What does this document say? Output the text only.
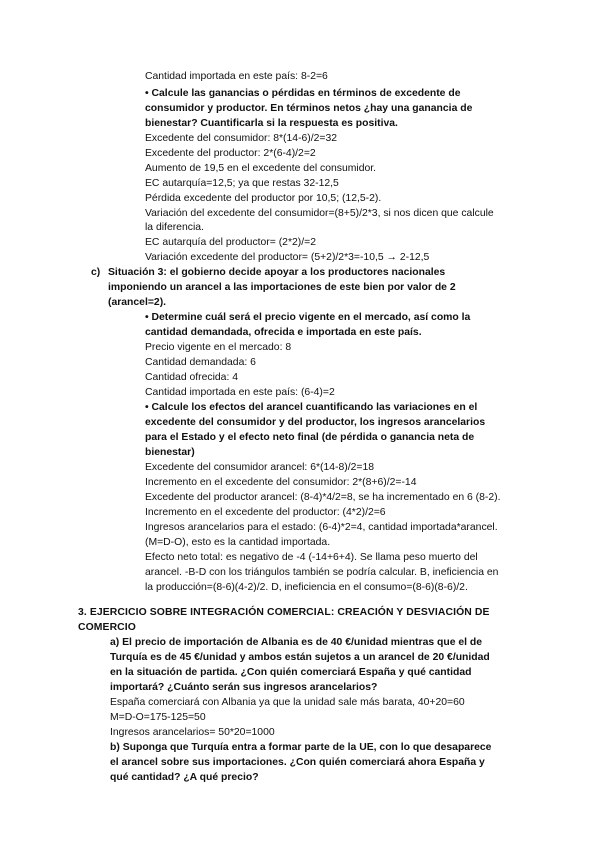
Cantidad importada en este país: 8-2=6
• Calcule las ganancias o pérdidas en términos de excedente de
consumidor y productor. En términos netos ¿hay una ganancia de
bienestar? Cuantificarla si la respuesta es positiva.
Excedente del consumidor: 8*(14-6)/2=32
Excedente del productor: 2*(6-4)/2=2
Aumento de 19,5 en el excedente del consumidor.
EC autarquía=12,5; ya que restas 32-12,5
Pérdida excedente del productor por 10,5; (12,5-2).
Variación del excedente del consumidor=(8+5)/2*3, si nos dicen que calcule
la diferencia.
EC autarquía del productor= (2*2)/=2
Variación excedente del productor= (5+2)/2*3=-10,5 → 2-12,5
c) Situación 3: el gobierno decide apoyar a los productores nacionales
imponiendo un arancel a las importaciones de este bien por valor de 2
(arancel=2).
• Determine cuál será el precio vigente en el mercado, así como la
cantidad demandada, ofrecida e importada en este país.
Precio vigente en el mercado: 8
Cantidad demandada: 6
Cantidad ofrecida: 4
Cantidad importada en este país: (6-4)=2
• Calcule los efectos del arancel cuantificando las variaciones en el
excedente del consumidor y del productor, los ingresos arancelarios
para el Estado y el efecto neto final (de pérdida o ganancia neta de
bienestar)
Excedente del consumidor arancel: 6*(14-8)/2=18
Incremento en el excedente del consumidor: 2*(8+6)/2=-14
Excedente del productor arancel: (8-4)*4/2=8, se ha incrementado en 6 (8-2).
Incremento en el excedente del productor: (4*2)/2=6
Ingresos arancelarios para el estado: (6-4)*2=4, cantidad importada*arancel.
(M=D-O), esto es la cantidad importada.
Efecto neto total: es negativo de -4 (-14+6+4). Se llama peso muerto del
arancel. -B-D con los triángulos también se podría calcular. B, ineficiencia en
la producción=(8-6)(4-2)/2. D, ineficiencia en el consumo=(8-6)(8-6)/2.
3. EJERCICIO SOBRE INTEGRACIÓN COMERCIAL: CREACIÓN Y DESVIACIÓN DE
COMERCIO
a) El precio de importación de Albania es de 40 €/unidad mientras que el de
Turquía es de 45 €/unidad y ambos están sujetos a un arancel de 20 €/unidad
en la situación de partida. ¿Con quién comerciará España y qué cantidad
importará? ¿Cuánto serán sus ingresos arancelarios?
España comerciará con Albania ya que la unidad sale más barata, 40+20=60
M=D-O=175-125=50
Ingresos arancelarios= 50*20=1000
b) Suponga que Turquía entra a formar parte de la UE, con lo que desaparece
el arancel sobre sus importaciones. ¿Con quién comerciará ahora España y
qué cantidad? ¿A qué precio?
